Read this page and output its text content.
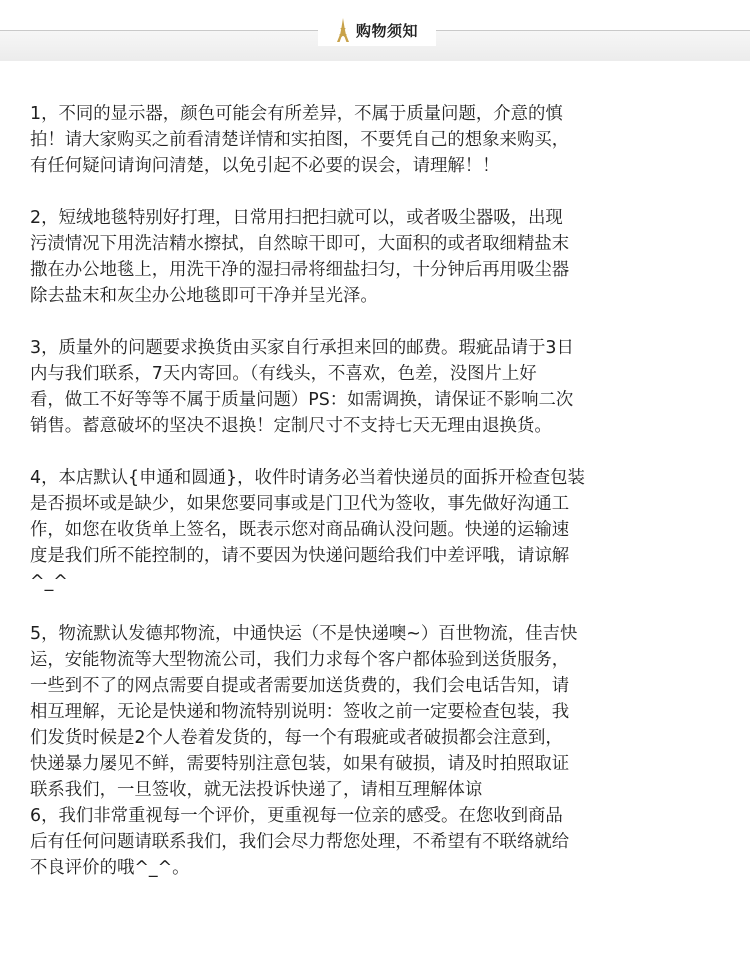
购物须知

1，不同的显示器，颜色可能会有所差异，不属于质量问题，介意的慎
拍！请大家购买之前看清楚详情和实拍图，不要凭自己的想象来购买，
有任何疑问请询问清楚，以免引起不必要的误会，请理解！！

2，短绒地毯特别好打理，日常用扫把扫就可以，或者吸尘器吸，出现
污渍情况下用洗洁精水擦拭，自然晾干即可，大面积的或者取细精盐末
撒在办公地毯上，用洗干净的湿扫帚将细盐扫匀，十分钟后再用吸尘器
除去盐末和灰尘办公地毯即可干净并呈光泽。

3，质量外的问题要求换货由买家自行承担来回的邮费。瑕疵品请于3日
内与我们联系，7天内寄回。（有线头，不喜欢，色差，没图片上好
看，做工不好等等不属于质量问题）PS：如需调换，请保证不影响二次
销售。蓄意破坏的坚决不退换！定制尺寸不支持七天无理由退换货。

4，本店默认{申通和圆通}，收件时请务必当着快递员的面拆开检查包装
是否损坏或是缺少，如果您要同事或是门卫代为签收，事先做好沟通工
作，如您在收货单上签名，既表示您对商品确认没问题。快递的运输速
度是我们所不能控制的，请不要因为快递问题给我们中差评哦，请谅解
^_^

5，物流默认发德邦物流，中通快运（不是快递噢~）百世物流，佳吉快
运，安能物流等大型物流公司，我们力求每个客户都体验到送货服务，
一些到不了的网点需要自提或者需要加送货费的，我们会电话告知，请
相互理解，无论是快递和物流特别说明：签收之前一定要检查包装，我
们发货时候是2个人卷着发货的，每一个有瑕疵或者破损都会注意到，
快递暴力屡见不鲜，需要特别注意包装，如果有破损，请及时拍照取证
联系我们，一旦签收，就无法投诉快递了，请相互理解体谅

6，我们非常重视每一个评价，更重视每一位亲的感受。在您收到商品
后有任何问题请联系我们，我们会尽力帮您处理，不希望有不联络就给
不良评价的哦^_^。
